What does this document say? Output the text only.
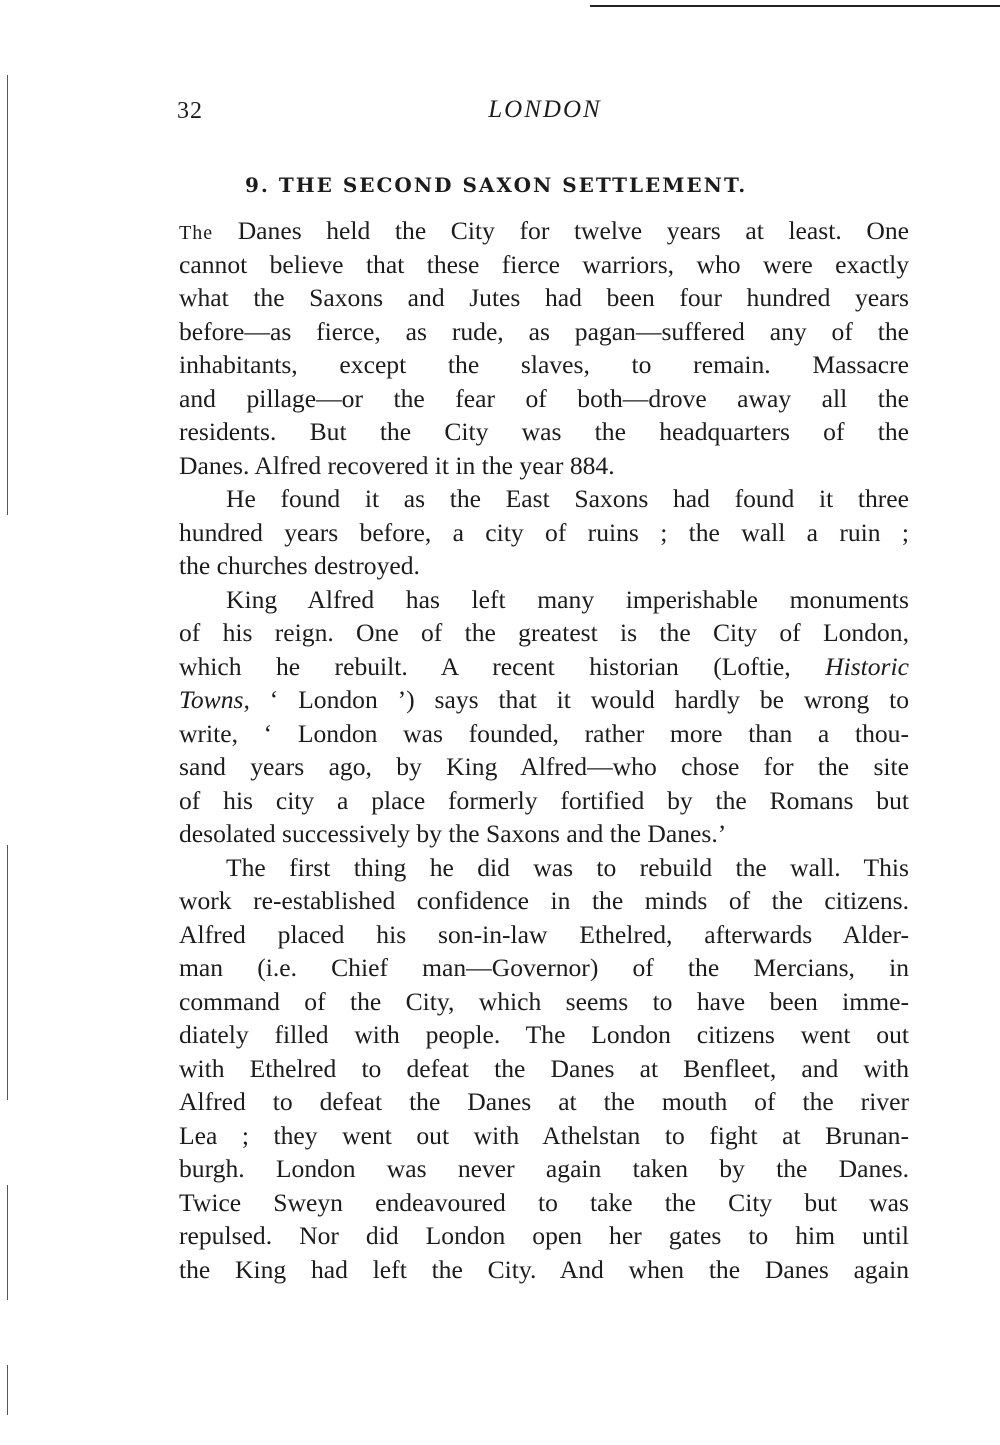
32	LONDON
9. THE SECOND SAXON SETTLEMENT.
The Danes held the City for twelve years at least. One
cannot believe that these fierce warriors, who were exactly
what the Saxons and Jutes had been four hundred years
before—as fierce, as rude, as pagan—suffered any of the
inhabitants, except the slaves, to remain. Massacre
and pillage—or the fear of both—drove away all the
residents. But the City was the headquarters of the
Danes. Alfred recovered it in the year 884.
He found it as the East Saxons had found it three
hundred years before, a city of ruins ; the wall a ruin ;
the churches destroyed.
King Alfred has left many imperishable monuments
of his reign. One of the greatest is the City of London,
which he rebuilt. A recent historian (Loftie, Historic
Towns, ‘ London ’) says that it would hardly be wrong to
write, ‘ London was founded, rather more than a thou-
sand years ago, by King Alfred—who chose for the site
of his city a place formerly fortified by the Romans but
desolated successively by the Saxons and the Danes.’
The first thing he did was to rebuild the wall. This
work re-established confidence in the minds of the citizens.
Alfred placed his son-in-law Ethelred, afterwards Alder-
man (i.e. Chief man—Governor) of the Mercians, in
command of the City, which seems to have been imme-
diately filled with people. The London citizens went out
with Ethelred to defeat the Danes at Benfleet, and with
Alfred to defeat the Danes at the mouth of the river
Lea ; they went out with Athelstan to fight at Brunan-
burgh. London was never again taken by the Danes.
Twice Sweyn endeavoured to take the City but was
repulsed. Nor did London open her gates to him until
the King had left the City. And when the Danes again
